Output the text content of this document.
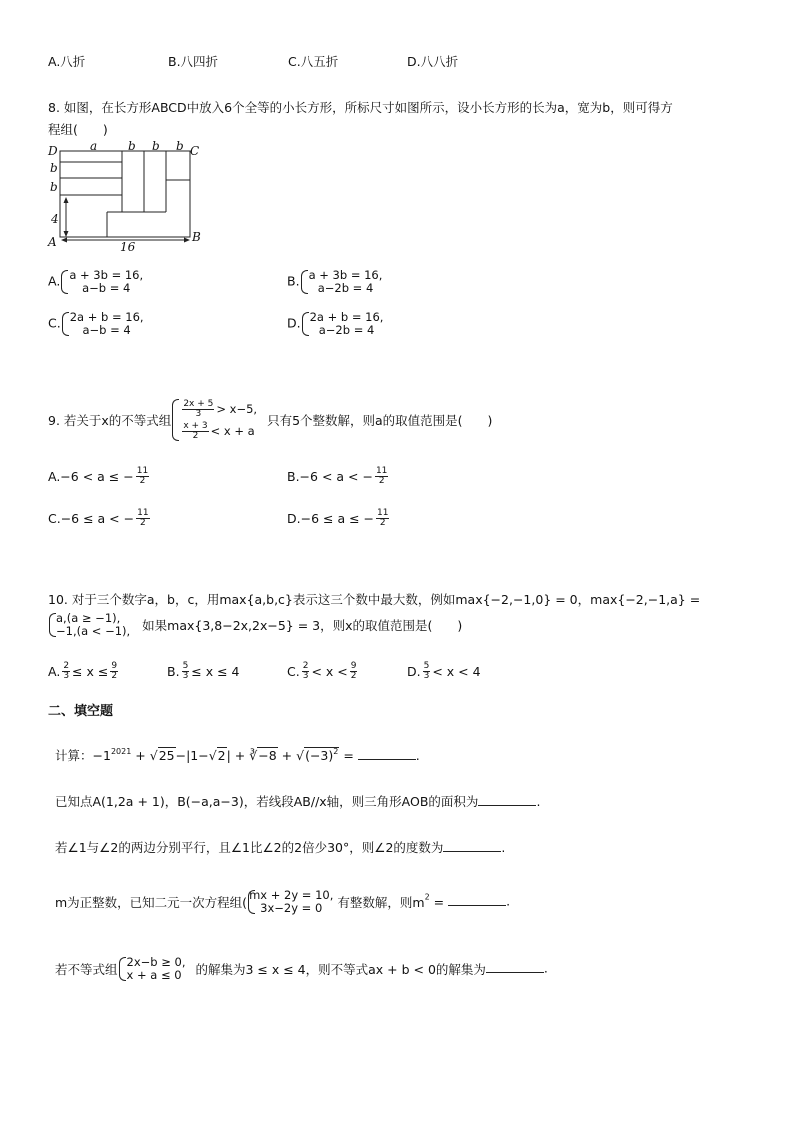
A.八折	B.八四折	C.八五折	D.八八折
8. 如图，在长方形ABCD中放入6个全等的小长方形，所标尺寸如图所示，设小长方形的长为a，宽为b，则可得方
程组(　　)
D	a	b b b C
b
b
4
A	16
B
A. a + 3b = 16,
a−b = 4	B. a + 3b = 16,
a−2b = 4
C. 2a + b = 16,
a−b = 4	D. 2a + b = 16,
a−2b = 4
9. 若关于x的不等式组
$\frac{2x + 5}{3} > x-5$,
$\frac{x + 3}{2} < x + a$
只有5个整数解，则a的取值范围是(　　)
A.−6 < a ≤ − $\frac{11}{2}$	B.−6 < a < − $\frac{11}{2}$
C.−6 ≤ a < − $\frac{11}{2}$	D.−6 ≤ a ≤ − $\frac{11}{2}$
10. 对于三个数字a，b，c，用max{a,b,c}表示这三个数中最大数，例如max{−2,−1,0} = 0，max{−2,−1,a} =
a,(a ≥ −1),
−1,(a < −1), 如果max{3,8−2x,2x−5} = 3，则x的取值范围是(　　)
A. $\frac{2}{3} \le x \le \frac{9}{2}$	B. $\frac{5}{3} \le x \le 4$	C. $\frac{2}{3} < x < \frac{9}{2}$	D. $\frac{5}{3} < x < 4$
二、填空题
计算：$-1^{2021} + √25-|1-√2|$ + ∛−8 + $√(-3)^2$ =	.
已知点A(1,2a + 1)，B(−a,a−3)，若线段AB//x轴，则三角形AOB的面积为	.
若∠1与∠2的两边分别平行，且∠1比∠2的2倍少30°，则∠2的度数为	.
m为正整数，已知二元一次方程组( mx + 2y = 10,
3x−2y = 0	有整数解，则$m^2$ =	.
若不等式组 2x−b ≥ 0,
x + a ≤ 0	的解集为3 ≤ x ≤ 4，则不等式ax + b < 0的解集为	.
